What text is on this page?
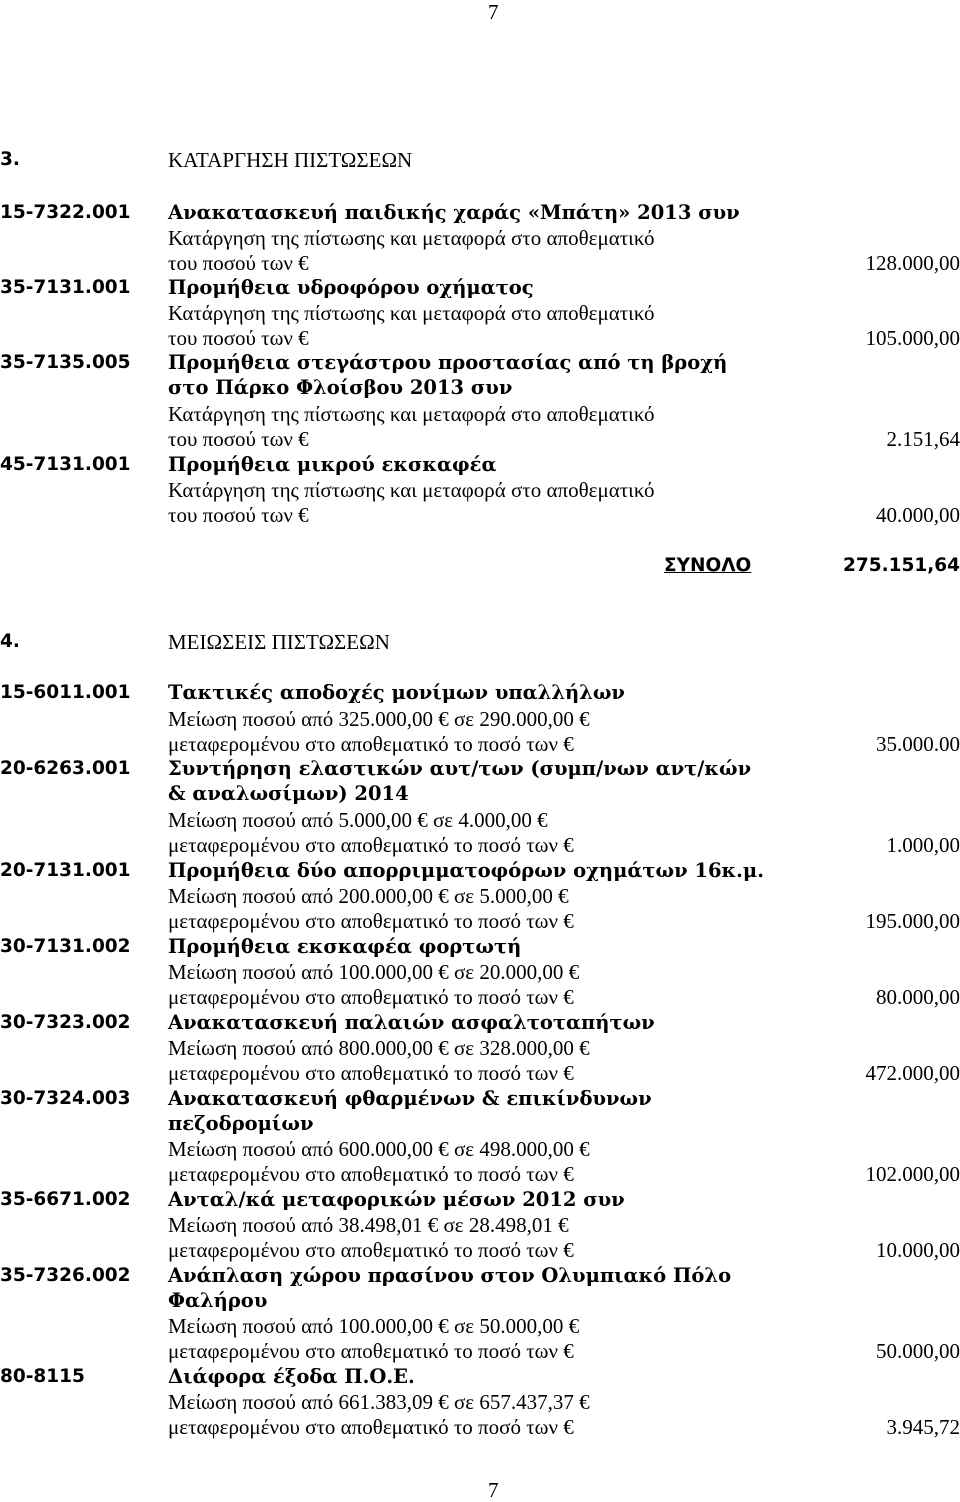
7
3.	ΚΑΤΑΡΓΗΣΗ ΠΙΣΤΩΣΕΩΝ
15-7322.001 Ανακατασκευή παιδικής χαράς «Μπάτη» 2013 συν
Κατάργηση της πίστωσης και μεταφορά στο αποθεματικό
του ποσού των €	128.000,00
35-7131.001 Προμήθεια υδροφόρου οχήματος
Κατάργηση της πίστωσης και μεταφορά στο αποθεματικό
του ποσού των €	105.000,00
35-7135.005 Προμήθεια στεγάστρου προστασίας από τη βροχή
στο Πάρκο Φλοίσβου 2013 συν
Κατάργηση της πίστωσης και μεταφορά στο αποθεματικό
του ποσού των €	2.151,64
45-7131.001 Προμήθεια μικρού εκσκαφέα
Κατάργηση της πίστωσης και μεταφορά στο αποθεματικό
του ποσού των €	40.000,00
ΣΥΝΟΛΟ	275.151,64
4.	ΜΕΙΩΣΕΙΣ ΠΙΣΤΩΣΕΩΝ
15-6011.001 Τακτικές αποδοχές μονίμων υπαλλήλων
Μείωση ποσού από 325.000,00 € σε 290.000,00 €
μεταφερομένου στο αποθεματικό το ποσό των €	35.000.00
20-6263.001 Συντήρηση ελαστικών αυτ/των (συμπ/νων αντ/κών
& αναλωσίμων) 2014
Μείωση ποσού από 5.000,00 € σε 4.000,00 €
μεταφερομένου στο αποθεματικό το ποσό των €	1.000,00
20-7131.001 Προμήθεια δύο απορριμματοφόρων οχημάτων 16κ.μ.
Μείωση ποσού από 200.000,00 € σε 5.000,00 €
μεταφερομένου στο αποθεματικό το ποσό των €	195.000,00
30-7131.002 Προμήθεια εκσκαφέα φορτωτή
Μείωση ποσού από 100.000,00 € σε 20.000,00 €
μεταφερομένου στο αποθεματικό το ποσό των €	80.000,00
30-7323.002 Ανακατασκευή παλαιών ασφαλτοταπήτων
Μείωση ποσού από 800.000,00 € σε 328.000,00 €
μεταφερομένου στο αποθεματικό το ποσό των €	472.000,00
30-7324.003 Ανακατασκευή φθαρμένων & επικίνδυνων
πεζοδρομίων
Μείωση ποσού από 600.000,00 € σε 498.000,00 €
μεταφερομένου στο αποθεματικό το ποσό των €	102.000,00
35-6671.002 Ανταλ/κά μεταφορικών μέσων 2012 συν
Μείωση ποσού από 38.498,01 € σε 28.498,01 €
μεταφερομένου στο αποθεματικό το ποσό των €	10.000,00
35-7326.002 Ανάπλαση χώρου πρασίνου στον Ολυμπιακό Πόλο
Φαλήρου
Μείωση ποσού από 100.000,00 € σε 50.000,00 €
μεταφερομένου στο αποθεματικό το ποσό των €	50.000,00
80-8115	Διάφορα έξοδα Π.Ο.Ε.
Μείωση ποσού από 661.383,09 € σε 657.437,37 €
μεταφερομένου στο αποθεματικό το ποσό των €	3.945,72
7
